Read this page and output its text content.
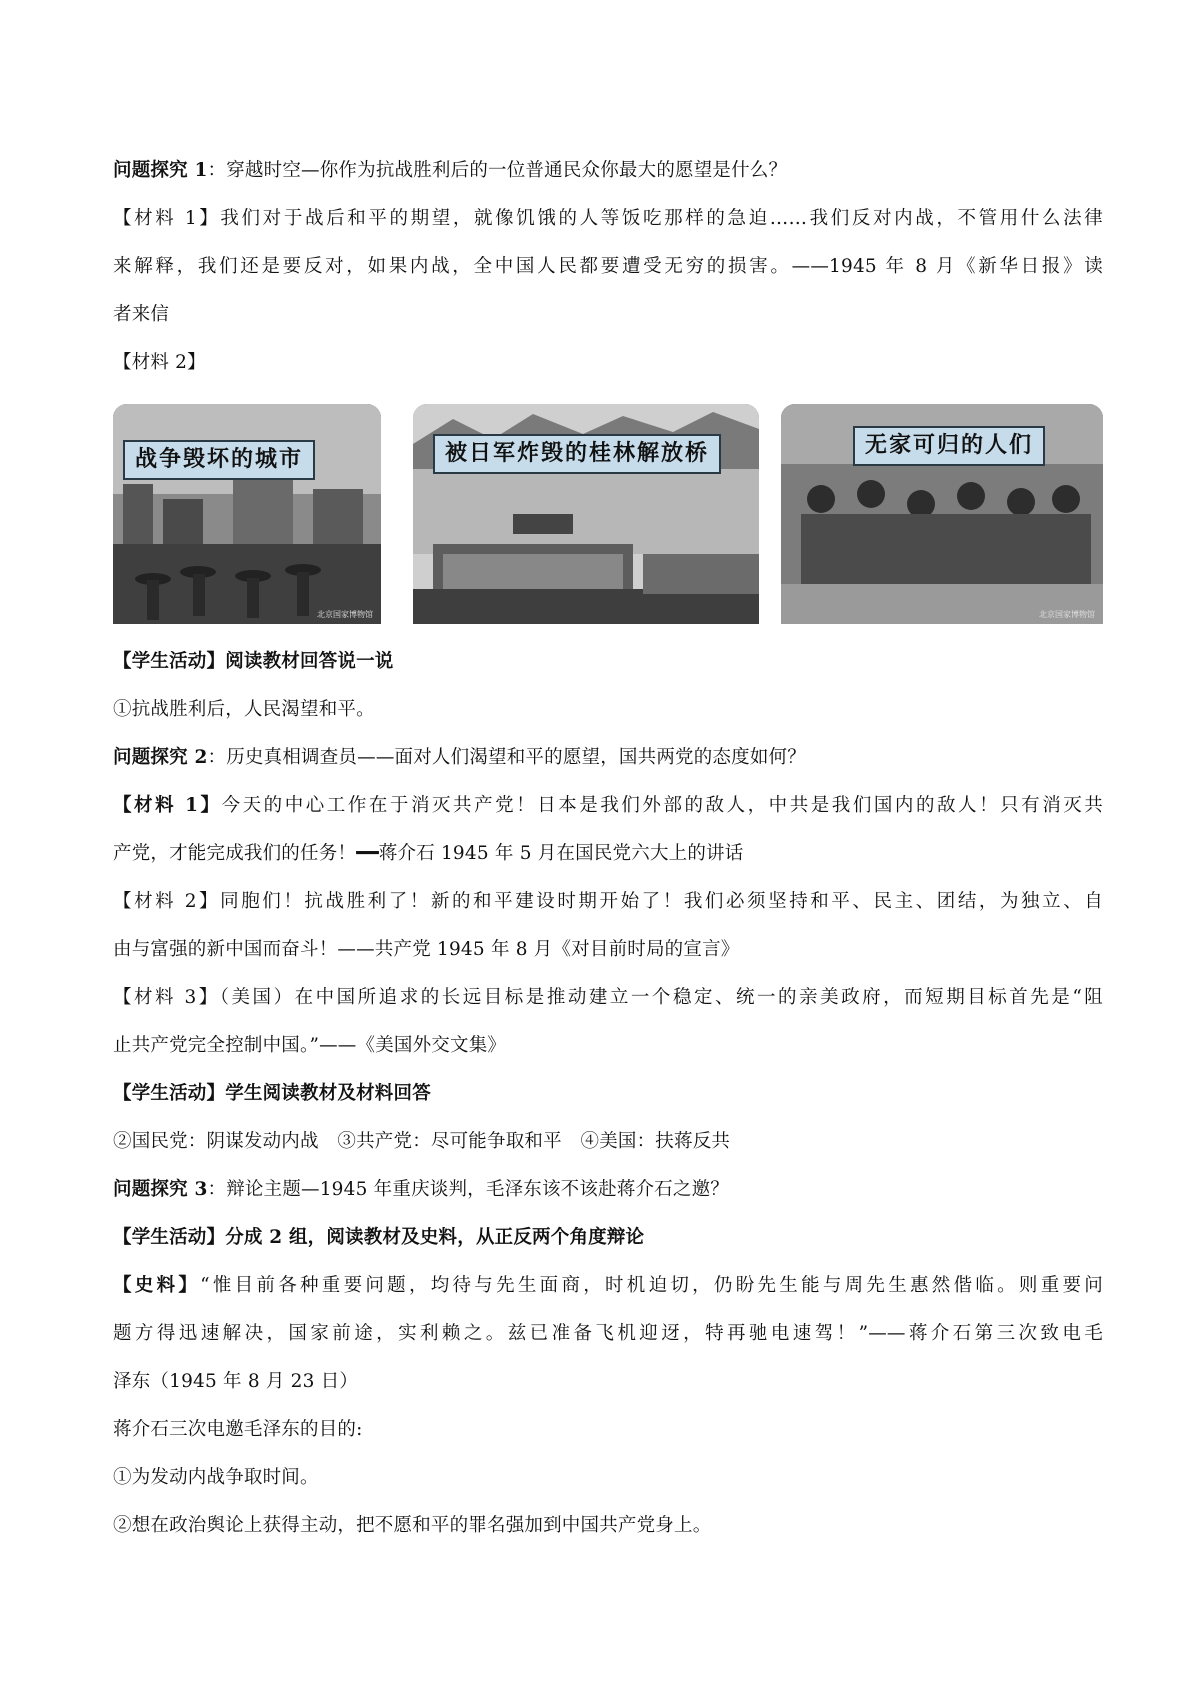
问题探究 1：穿越时空—你作为抗战胜利后的一位普通民众你最大的愿望是什么？
【材料 1】我们对于战后和平的期望，就像饥饿的人等饭吃那样的急迫……我们反对内战，不管用什么法律
来解释，我们还是要反对，如果内战，全中国人民都要遭受无穷的损害。——1945 年 8 月《新华日报》读
者来信
【材料 2】
战争毁坏的城市
北京国家博物馆
被日军炸毁的桂林解放桥	无家可归的人们
北京国家博物馆
【学生活动】阅读教材回答说一说
①抗战胜利后，人民渴望和平。
问题探究 2：历史真相调查员——面对人们渴望和平的愿望，国共两党的态度如何？
【材料 1】今天的中心工作在于消灭共产党！日本是我们外部的敌人，中共是我们国内的敌人！只有消灭共
产党，才能完成我们的任务！━━蒋介石 1945 年 5 月在国民党六大上的讲话
【材料 2】同胞们！抗战胜利了！新的和平建设时期开始了！我们必须坚持和平、民主、团结，为独立、自
由与富强的新中国而奋斗！——共产党 1945 年 8 月《对目前时局的宣言》
【材料 3】（美国）在中国所追求的长远目标是推动建立一个稳定、统一的亲美政府，而短期目标首先是“阻
止共产党完全控制中国。”——《美国外交文集》
【学生活动】学生阅读教材及材料回答
②国民党：阴谋发动内战　③共产党：尽可能争取和平　④美国：扶蒋反共
问题探究 3：辩论主题—1945 年重庆谈判，毛泽东该不该赴蒋介石之邀？
【学生活动】分成 2 组，阅读教材及史料，从正反两个角度辩论
【史料】“惟目前各种重要问题，均待与先生面商，时机迫切，仍盼先生能与周先生惠然偕临。则重要问
题方得迅速解决，国家前途，实利赖之。兹已准备飞机迎迓，特再驰电速驾！”——蒋介石第三次致电毛
泽东（1945 年 8 月 23 日）
蒋介石三次电邀毛泽东的目的:
①为发动内战争取时间。
②想在政治舆论上获得主动，把不愿和平的罪名强加到中国共产党身上。
